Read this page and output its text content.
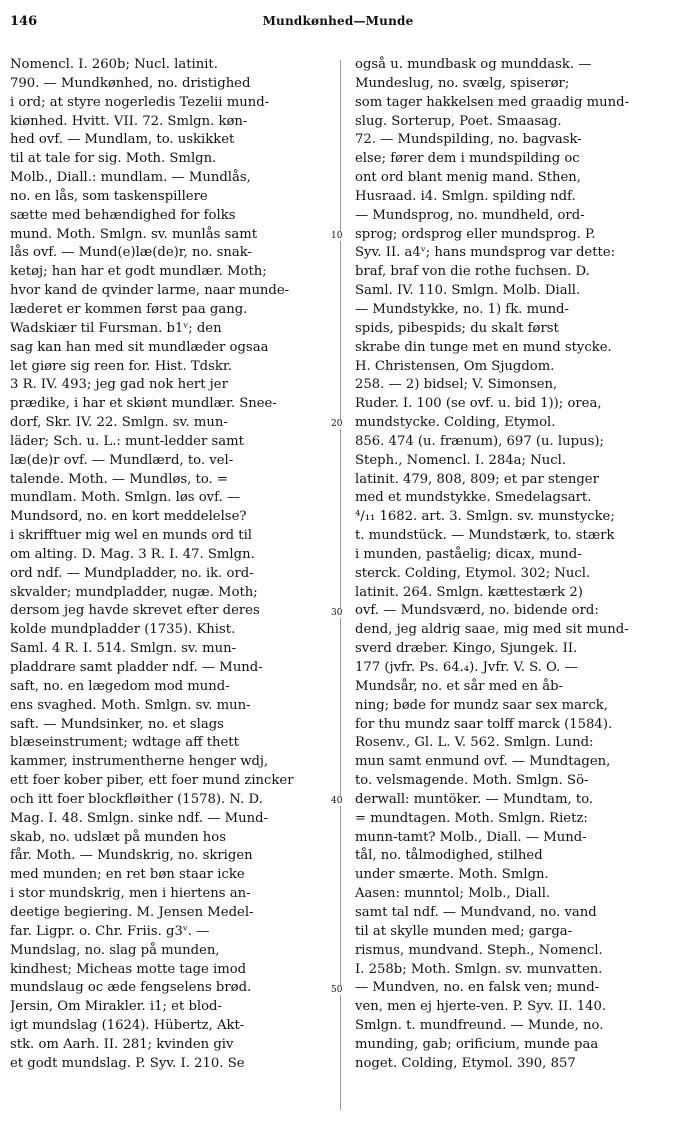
146	Mundkønhed—Munde
Nomencl. I. 260b; Nucl. latinit.
790. — Mundkønhed, no. dristighed
i ord; at styre nogerledis Tezelii mund-
kiønhed. Hvitt. VII. 72. Smlgn. køn-
hed ovf. — Mundlam, to. uskikket
til at tale for sig. Moth. Smlgn.
Molb., Diall.: mundlam. — Mundlås,
no. en lås, som taskenspillere
sætte med behændighed for folks
mund. Moth. Smlgn. sv. munlås samt
lås ovf. — Mund(e)læ(de)r, no. snak-
ketøj; han har et godt mundlær. Moth;
hvor kand de qvinder larme, naar munde-
læderet er kommen først paa gang.
Wadskiær til Fursman. b1ᵛ; den
sag kan han med sit mundlæder ogsaa
let giøre sig reen for. Hist. Tdskr.
3 R. IV. 493; jeg gad nok hert jer
prædike, i har et skiønt mundlær. Snee-
dorf, Skr. IV. 22. Smlgn. sv. mun-
läder; Sch. u. L.: munt-ledder samt
læ(de)r ovf. — Mundlærd, to. vel-
talende. Moth. — Mundløs, to. =
mundlam. Moth. Smlgn. løs ovf. —
Mundsord, no. en kort meddelelse?
i skrifftuer mig wel en munds ord til
om alting. D. Mag. 3 R. I. 47. Smlgn.
ord ndf. — Mundpladder, no. ik. ord-
skvalder; mundpladder, nugæ. Moth;
dersom jeg havde skrevet efter deres
kolde mundpladder (1735). Khist.
Saml. 4 R. I. 514. Smlgn. sv. mun-
pladdrare samt pladder ndf. — Mund-
saft, no. en lægedom mod mund-
ens svaghed. Moth. Smlgn. sv. mun-
saft. — Mundsinker, no. et slags
blæseinstrument; wdtage aff thett
kammer, instrumentherne henger wdj,
ett foer kober piber, ett foer mund zincker
och itt foer blockfløither (1578). N. D.
Mag. I. 48. Smlgn. sinke ndf. — Mund-
skab, no. udslæt på munden hos
får. Moth. — Mundskrig, no. skrigen
med munden; en ret bøn staar icke
i stor mundskrig, men i hiertens an-
deetige begiering. M. Jensen Medel-
far. Ligpr. o. Chr. Friis. g3ᵛ. —
Mundslag, no. slag på munden,
kindhest; Micheas motte tage imod
mundslaug oc æde fengselens brød.
Jersin, Om Mirakler. i1; et blod-
igt mundslag (1624). Hübertz, Akt-
stk. om Aarh. II. 281; kvinden giv
et godt mundslag. P. Syv. I. 210. Se
10
20
30
40
50
også u. mundbask og munddask. —
Mundeslug, no. svælg, spiserør;
som tager hakkelsen med graadig mund-
slug. Sorterup, Poet. Smaasag.
72. — Mundspilding, no. bagvask-
else; fører dem i mundspilding oc
ont ord blant menig mand. Sthen,
Husraad. i4. Smlgn. spilding ndf.
— Mundsprog, no. mundheld, ord-
sprog; ordsprog eller mundsprog. P.
Syv. II. a4ᵛ; hans mundsprog var dette:
braf, braf von die rothe fuchsen. D.
Saml. IV. 110. Smlgn. Molb. Diall.
— Mundstykke, no. 1) fk. mund-
spids, pibespids; du skalt først
skrabe din tunge met en mund stycke.
H. Christensen, Om Sjugdom.
258. — 2) bidsel; V. Simonsen,
Ruder. I. 100 (se ovf. u. bid 1)); orea,
mundstycke. Colding, Etymol.
856. 474 (u. frænum), 697 (u. lupus);
Steph., Nomencl. I. 284a; Nucl.
latinit. 479, 808, 809; et par stenger
med et mundstykke. Smedelagsart.
⁴/₁₁ 1682. art. 3. Smlgn. sv. munstycke;
t. mundstück. — Mundstærk, to. stærk
i munden, paståelig; dicax, mund-
sterck. Colding, Etymol. 302; Nucl.
latinit. 264. Smlgn. kættestærk 2)
ovf. — Mundsværd, no. bidende ord:
dend, jeg aldrig saae, mig med sit mund-
sverd dræber. Kingo, Sjungek. II.
177 (jvfr. Ps. 64.₄). Jvfr. V. S. O. —
Mundsår, no. et sår med en åb-
ning; bøde for mundz saar sex marck,
for thu mundz saar tolff marck (1584).
Rosenv., Gl. L. V. 562. Smlgn. Lund:
mun samt enmund ovf. — Mundtagen,
to. velsmagende. Moth. Smlgn. Sö-
derwall: muntöker. — Mundtam, to.
= mundtagen. Moth. Smlgn. Rietz:
munn-tamt? Molb., Diall. — Mund-
tål, no. tålmodighed, stilhed
under smærte. Moth. Smlgn.
Aasen: munntol; Molb., Diall.
samt tal ndf. — Mundvand, no. vand
til at skylle munden med; garga-
rismus, mundvand. Steph., Nomencl.
I. 258b; Moth. Smlgn. sv. munvatten.
— Mundven, no. en falsk ven; mund-
ven, men ej hjerte-ven. P. Syv. II. 140.
Smlgn. t. mundfreund. — Munde, no.
munding, gab; orificium, munde paa
noget. Colding, Etymol. 390, 857
